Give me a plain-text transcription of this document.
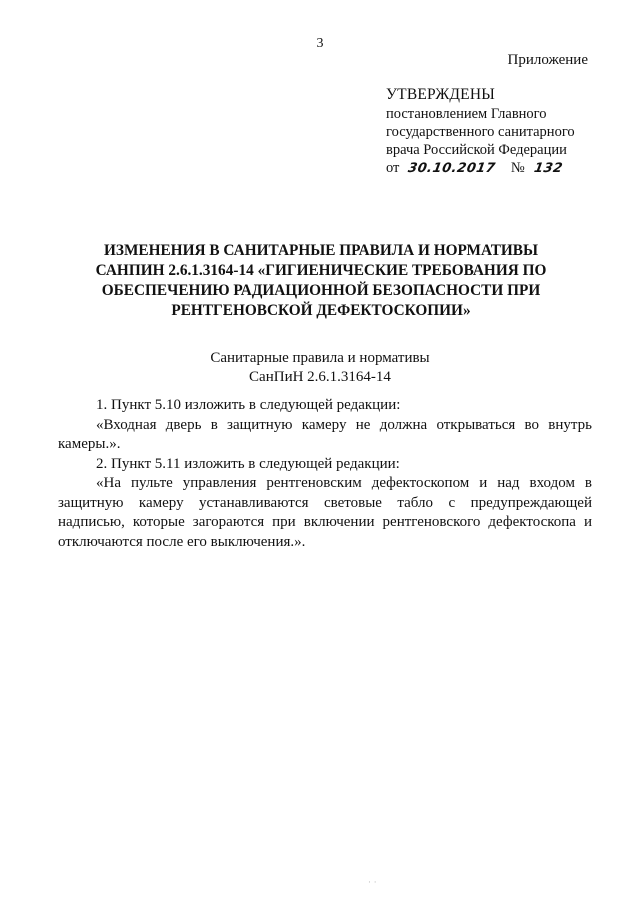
3
Приложение
УТВЕРЖДЕНЫ
постановлением Главного
государственного санитарного
врача Российской Федерации
от 30.10.2017 № 132
ИЗМЕНЕНИЯ В САНИТАРНЫЕ ПРАВИЛА И НОРМАТИВЫ
САНПИН 2.6.1.3164-14 «ГИГИЕНИЧЕСКИЕ ТРЕБОВАНИЯ ПО
ОБЕСПЕЧЕНИЮ РАДИАЦИОННОЙ БЕЗОПАСНОСТИ ПРИ
РЕНТГЕНОВСКОЙ ДЕФЕКТОСКОПИИ»
Санитарные правила и нормативы
СанПиН 2.6.1.3164-14

1. Пункт 5.10 изложить в следующей редакции:

«Входная дверь в защитную камеру не должна открываться во внутрь камеры.».

2. Пункт 5.11 изложить в следующей редакции:

«На пульте управления рентгеновским дефектоскопом и над входом в защитную камеру устанавливаются световые табло с предупреждающей надписью, которые загораются при включении рентгеновского дефектоскопа и отключаются после его выключения.».

· ·
